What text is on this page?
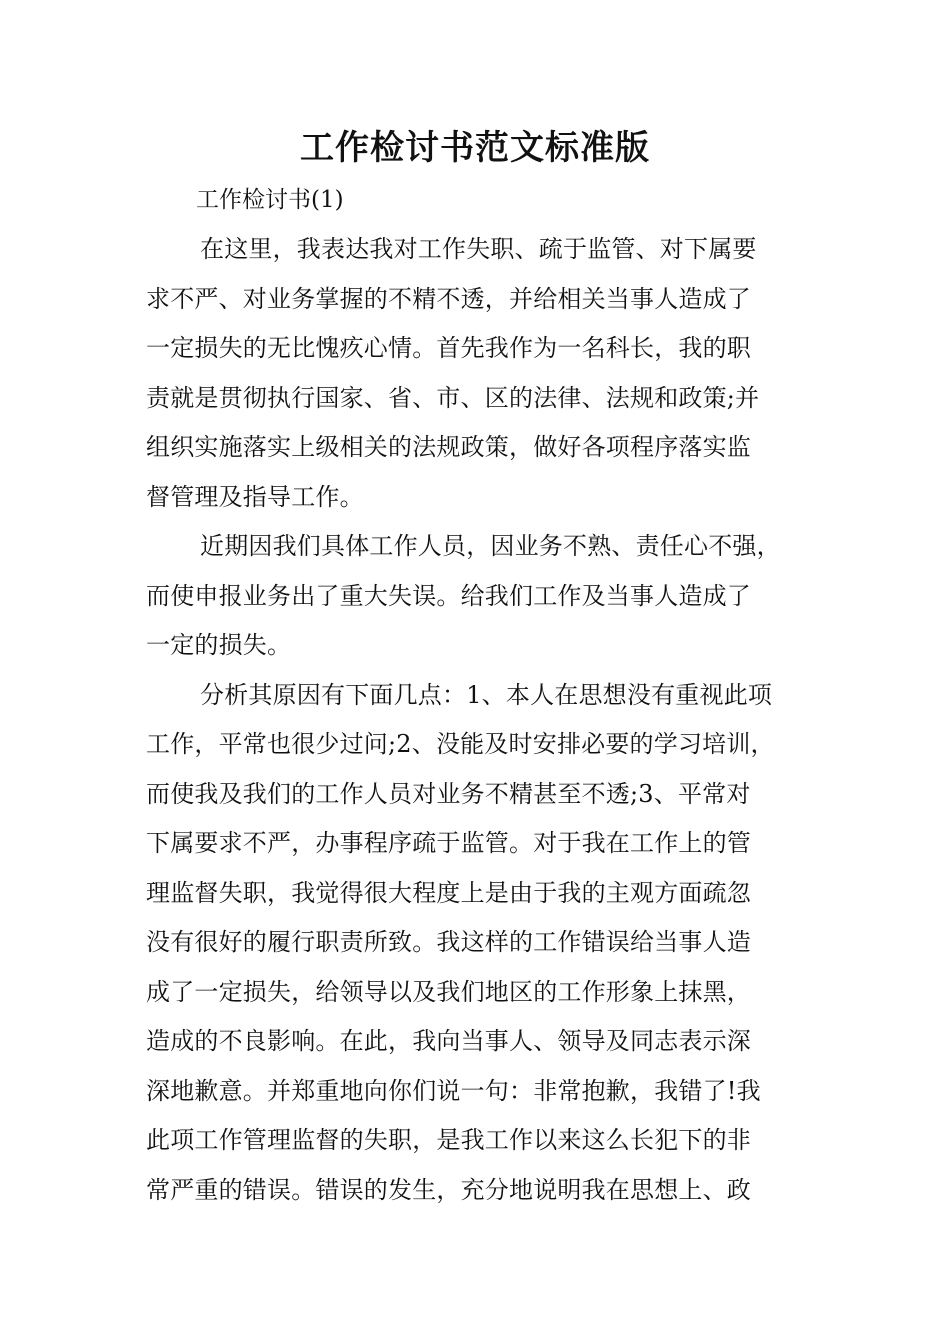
工作检讨书范文标准版
工作检讨书(1)
在这里，我表达我对工作失职、疏于监管、对下属要
求不严、对业务掌握的不精不透，并给相关当事人造成了
一定损失的无比愧疚心情。首先我作为一名科长，我的职
责就是贯彻执行国家、省、市、区的法律、法规和政策;并
组织实施落实上级相关的法规政策，做好各项程序落实监
督管理及指导工作。
近期因我们具体工作人员，因业务不熟、责任心不强，
而使申报业务出了重大失误。给我们工作及当事人造成了
一定的损失。
分析其原因有下面几点：1、本人在思想没有重视此项
工作，平常也很少过问;2、没能及时安排必要的学习培训，
而使我及我们的工作人员对业务不精甚至不透;3、平常对
下属要求不严，办事程序疏于监管。对于我在工作上的管
理监督失职，我觉得很大程度上是由于我的主观方面疏忽
没有很好的履行职责所致。我这样的工作错误给当事人造
成了一定损失，给领导以及我们地区的工作形象上抹黑，
造成的不良影响。在此，我向当事人、领导及同志表示深
深地歉意。并郑重地向你们说一句：非常抱歉，我错了!我
此项工作管理监督的失职，是我工作以来这么长犯下的非
常严重的错误。错误的发生，充分地说明我在思想上、政
